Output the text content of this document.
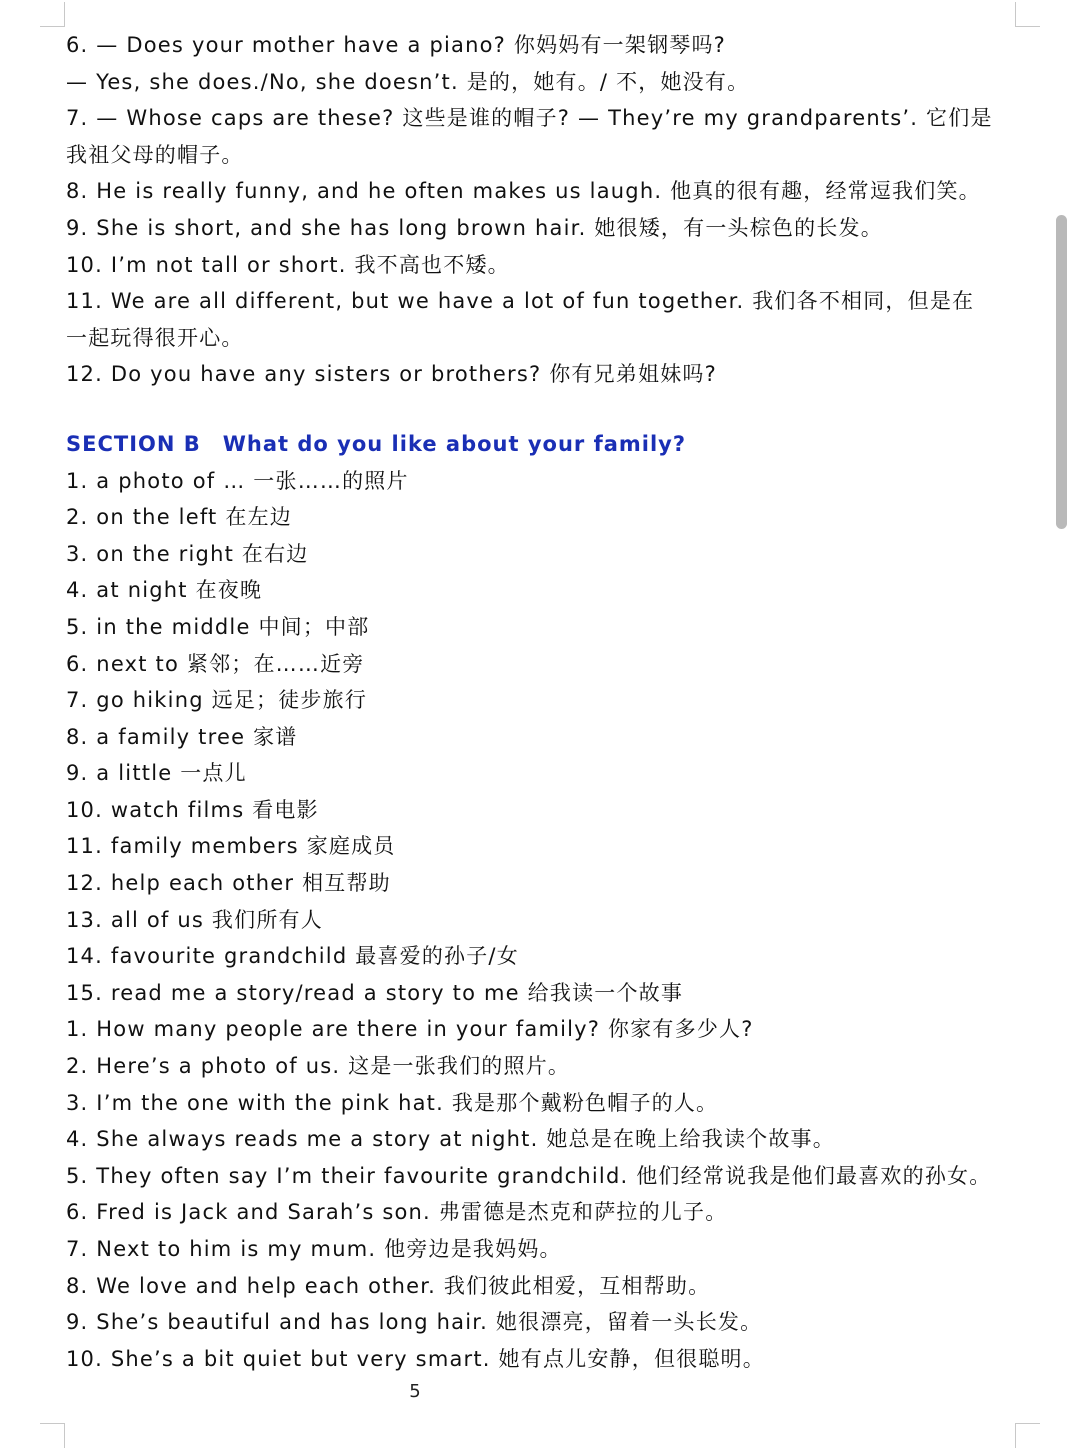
6. — Does your mother have a piano? 你妈妈有一架钢琴吗?
— Yes, she does./No, she doesn’t. 是的，她有。/ 不，她没有。
7. — Whose caps are these? 这些是谁的帽子? — They’re my grandparents’. 它们是
我祖父母的帽子。
8. He is really funny, and he often makes us laugh. 他真的很有趣，经常逗我们笑。
9. She is short, and she has long brown hair. 她很矮，有一头棕色的长发。
10. I’m not tall or short. 我不高也不矮。
11. We are all different, but we have a lot of fun together. 我们各不相同，但是在
一起玩得很开心。
12. Do you have any sisters or brothers? 你有兄弟姐妹吗?
SECTION B What do you like about your family?
1. a photo of … 一张……的照片
2. on the left 在左边
3. on the right 在右边
4. at night 在夜晚
5. in the middle 中间；中部
6. next to 紧邻；在……近旁
7. go hiking 远足；徒步旅行
8. a family tree 家谱
9. a little 一点儿
10. watch films 看电影
11. family members 家庭成员
12. help each other 相互帮助
13. all of us 我们所有人
14. favourite grandchild 最喜爱的孙子/女
15. read me a story/read a story to me 给我读一个故事
1. How many people are there in your family? 你家有多少人?
2. Here’s a photo of us. 这是一张我们的照片。
3. I’m the one with the pink hat. 我是那个戴粉色帽子的人。
4. She always reads me a story at night. 她总是在晚上给我读个故事。
5. They often say I’m their favourite grandchild. 他们经常说我是他们最喜欢的孙女。
6. Fred is Jack and Sarah’s son. 弗雷德是杰克和萨拉的儿子。
7. Next to him is my mum. 他旁边是我妈妈。
8. We love and help each other. 我们彼此相爱，互相帮助。
9. She’s beautiful and has long hair. 她很漂亮，留着一头长发。
10. She’s a bit quiet but very smart. 她有点儿安静，但很聪明。
5
